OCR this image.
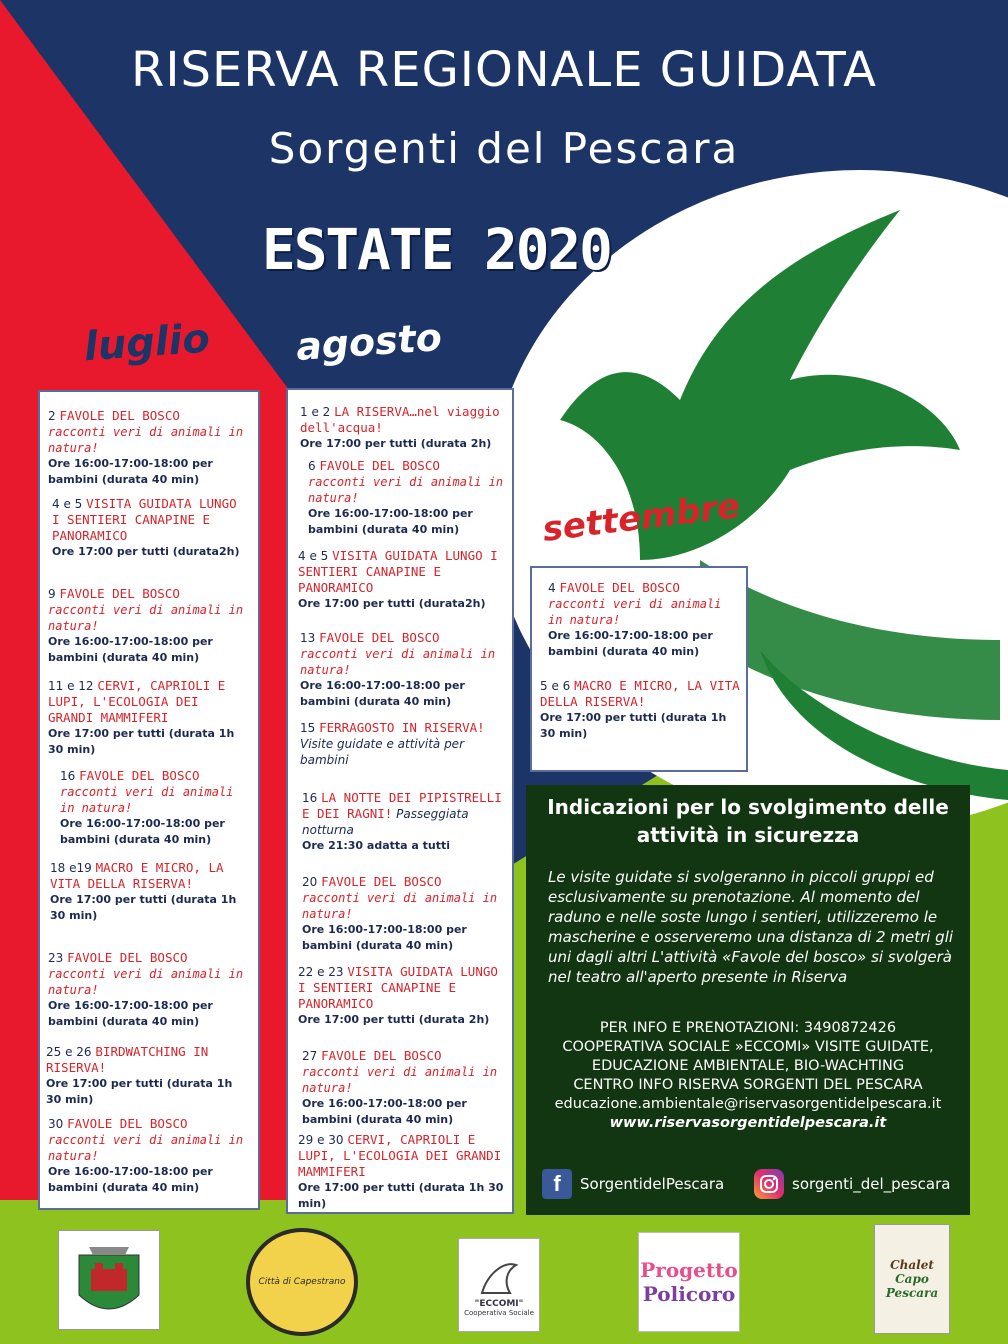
RISERVA REGIONALE GUIDATA
Sorgenti del Pescara
ESTATE 2020
luglio agosto
settembre
2 FAVOLE DEL BOSCO
racconti veri di animali in natura!
Ore 16:00-17:00-18:00 per bambini (durata 40 min)
4 e 5 VISITA GUIDATA LUNGO I SENTIERI CANAPINE E PANORAMICO
Ore 17:00 per tutti (durata2h)
9 FAVOLE DEL BOSCO
racconti veri di animali in natura!
Ore 16:00-17:00-18:00 per bambini (durata 40 min)
11 e 12 CERVI, CAPRIOLI E LUPI, L'ECOLOGIA DEI GRANDI MAMMIFERI
Ore 17:00 per tutti (durata 1h 30 min)
16 FAVOLE DEL BOSCO
racconti veri di animali in natura!
Ore 16:00-17:00-18:00 per bambini (durata 40 min)
18 e19 MACRO E MICRO, LA VITA DELLA RISERVA!
Ore 17:00 per tutti (durata 1h 30 min)
23 FAVOLE DEL BOSCO
racconti veri di animali in natura!
Ore 16:00-17:00-18:00 per bambini (durata 40 min)
25 e 26 BIRDWATCHING IN RISERVA!
Ore 17:00 per tutti (durata 1h 30 min)
30 FAVOLE DEL BOSCO
racconti veri di animali in natura!
Ore 16:00-17:00-18:00 per bambini (durata 40 min)
1 e 2 LA RISERVA…nel viaggio dell'acqua!
Ore 17:00 per tutti (durata 2h)
6 FAVOLE DEL BOSCO
racconti veri di animali in natura!
Ore 16:00-17:00-18:00 per bambini (durata 40 min)
4 e 5 VISITA GUIDATA LUNGO I SENTIERI CANAPINE E PANORAMICO
Ore 17:00 per tutti (durata2h)
13 FAVOLE DEL BOSCO
racconti veri di animali in natura!
Ore 16:00-17:00-18:00 per bambini (durata 40 min)
15 FERRAGOSTO IN RISERVA!
Visite guidate e attività per bambini
16 LA NOTTE DEI PIPISTRELLI E DEI RAGNI! Passeggiata notturna
Ore 21:30 adatta a tutti
20 FAVOLE DEL BOSCO
racconti veri di animali in natura!
Ore 16:00-17:00-18:00 per bambini (durata 40 min)
22 e 23 VISITA GUIDATA LUNGO I SENTIERI CANAPINE E PANORAMICO
Ore 17:00 per tutti (durata 2h)
27 FAVOLE DEL BOSCO
racconti veri di animali in natura!
Ore 16:00-17:00-18:00 per bambini (durata 40 min)
29 e 30 CERVI, CAPRIOLI E LUPI, L'ECOLOGIA DEI GRANDI MAMMIFERI
Ore 17:00 per tutti (durata 1h 30 min)
4 FAVOLE DEL BOSCO
racconti veri di animali in natura!
Ore 16:00-17:00-18:00 per bambini (durata 40 min)
5 e 6 MACRO E MICRO, LA VITA DELLA RISERVA!
Ore 17:00 per tutti (durata 1h 30 min)
Indicazioni per lo svolgimento delle attività in sicurezza
Le visite guidate si svolgeranno in piccoli gruppi ed esclusivamente su prenotazione. Al momento del raduno e nelle soste lungo i sentieri, utilizzeremo le mascherine e osserveremo una distanza di 2 metri gli uni dagli altri L'attività «Favole del bosco» si svolgerà nel teatro all'aperto presente in Riserva
PER INFO E PRENOTAZIONI: 3490872426
COOPERATIVA SOCIALE »ECCOMI» VISITE GUIDATE, EDUCAZIONE AMBIENTALE, BIO-WACHTING
CENTRO INFO RISERVA SORGENTI DEL PESCARA
educazione.ambientale@riservasorgentidelpescara.it
www.riservasorgentidelpescara.it
f	SorgentidelPescara	sorgenti_del_pescara
Città di Capestrano
"ECCOMI"
Cooperativa Sociale
Progetto
Policoro
Chalet
Capo
Pescara
